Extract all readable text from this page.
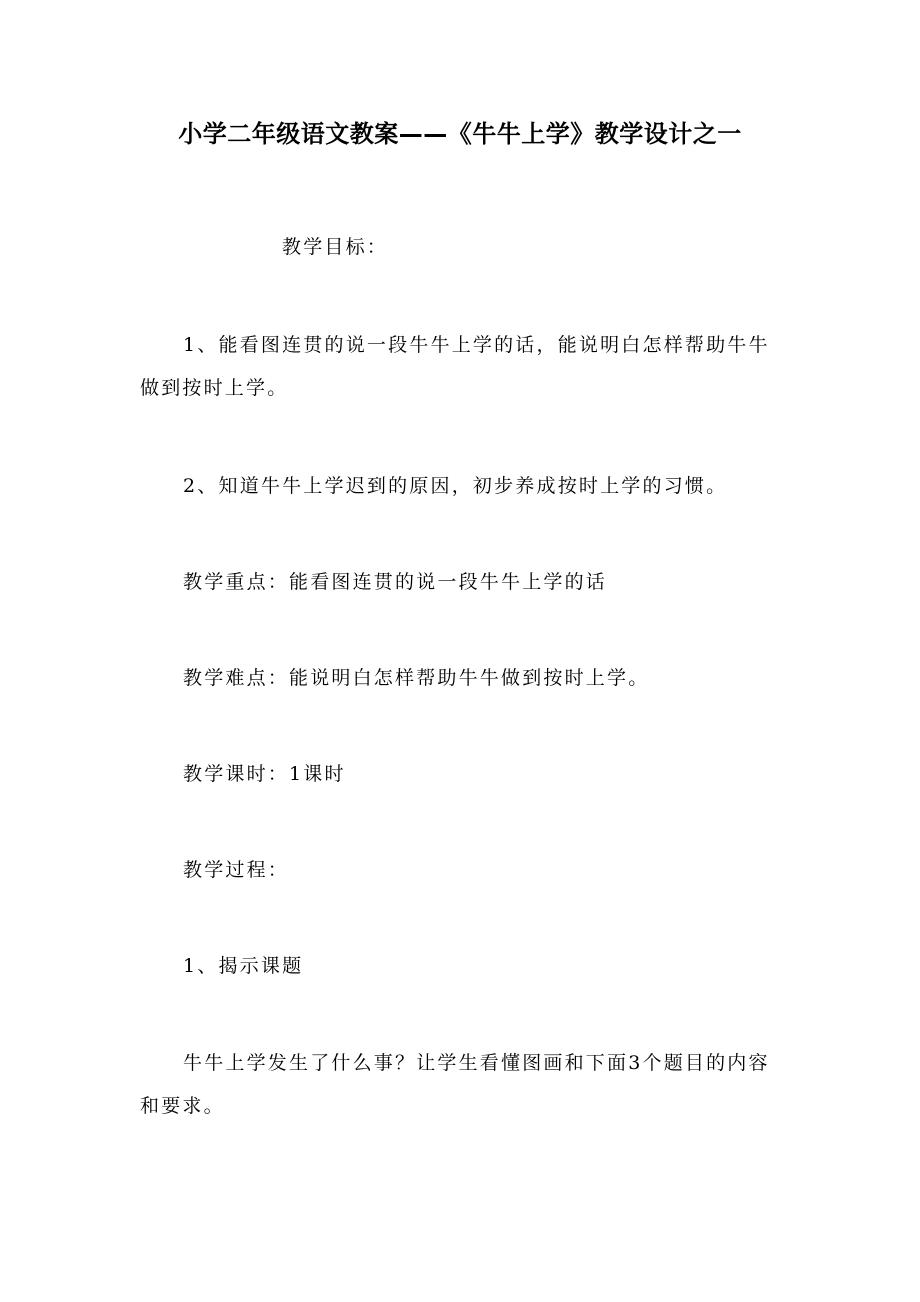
小学二年级语文教案——《牛牛上学》教学设计之一
教学目标：

1、能看图连贯的说一段牛牛上学的话，能说明白怎样帮助牛牛做到按时上学。

2、知道牛牛上学迟到的原因，初步养成按时上学的习惯。

教学重点：能看图连贯的说一段牛牛上学的话

教学难点：能说明白怎样帮助牛牛做到按时上学。

教学课时：1课时

教学过程：

1、揭示课题

牛牛上学发生了什么事？让学生看懂图画和下面3个题目的内容和要求。
